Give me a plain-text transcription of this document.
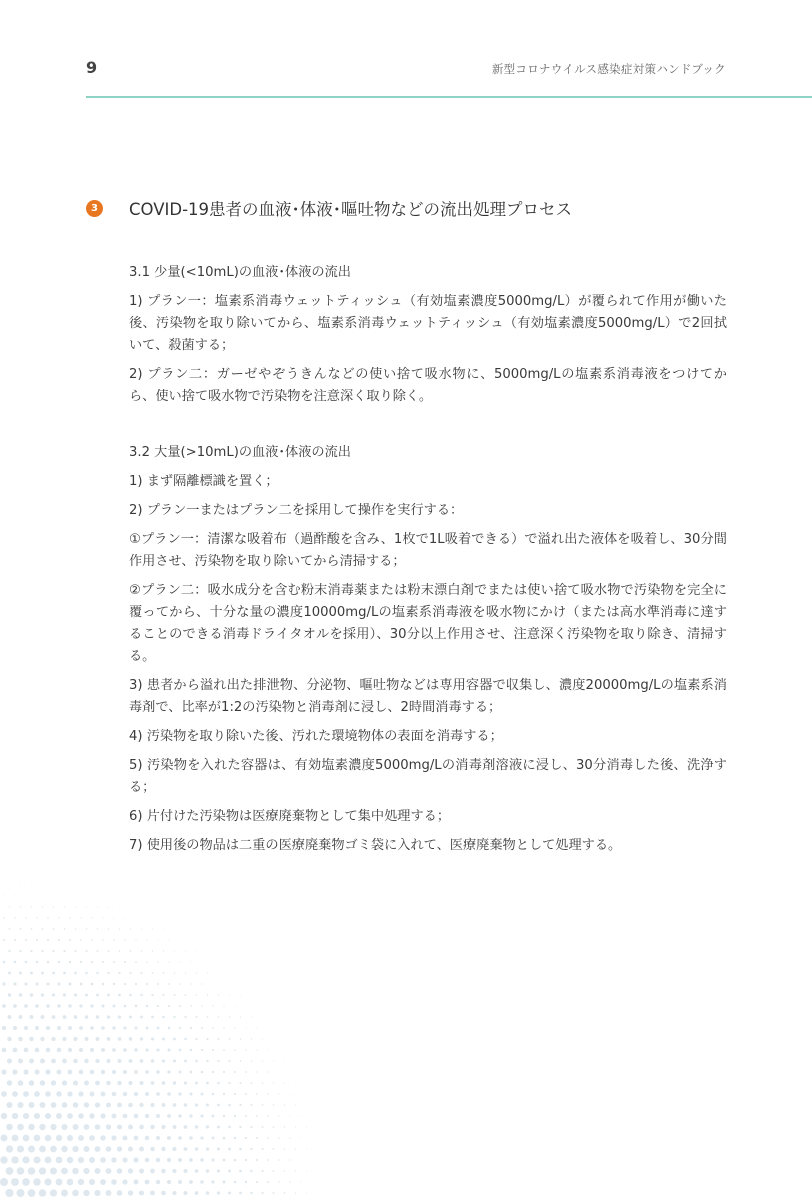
9	新型コロナウイルス感染症対策ハンドブック
3	COVID-19患者の血液･体液･嘔吐物などの流出処理プロセス

3.1 少量(<10mL)の血液･体液の流出

1) プラン一：塩素系消毒ウェットティッシュ（有効塩素濃度5000mg/L）が覆られて作用が働いた後、汚染物を取り除いてから、塩素系消毒ウェットティッシュ（有効塩素濃度5000mg/L）で2回拭いて、殺菌する；

2) プラン二：ガーゼやぞうきんなどの使い捨て吸水物に、5000mg/Lの塩素系消毒液をつけてから、使い捨て吸水物で汚染物を注意深く取り除く。

3.2 大量(>10mL)の血液･体液の流出

1) まず隔離標識を置く；

2) プラン一またはプラン二を採用して操作を実行する：

①プラン一：清潔な吸着布（過酢酸を含み、1枚で1L吸着できる）で溢れ出た液体を吸着し、30分間作用させ、汚染物を取り除いてから清掃する；

②プラン二：吸水成分を含む粉末消毒薬または粉末漂白剤でまたは使い捨て吸水物で汚染物を完全に覆ってから、十分な量の濃度10000mg/Lの塩素系消毒液を吸水物にかけ（または高水準消毒に達することのできる消毒ドライタオルを採用）、30分以上作用させ、注意深く汚染物を取り除き、清掃する。

3) 患者から溢れ出た排泄物、分泌物、嘔吐物などは専用容器で収集し、濃度20000mg/Lの塩素系消毒剤で、比率が1:2の汚染物と消毒剤に浸し、2時間消毒する；

4) 汚染物を取り除いた後、汚れた環境物体の表面を消毒する；

5) 汚染物を入れた容器は、有効塩素濃度5000mg/Lの消毒剤溶液に浸し、30分消毒した後、洗浄する；

6) 片付けた汚染物は医療廃棄物として集中処理する；

7) 使用後の物品は二重の医療廃棄物ゴミ袋に入れて、医療廃棄物として処理する。
